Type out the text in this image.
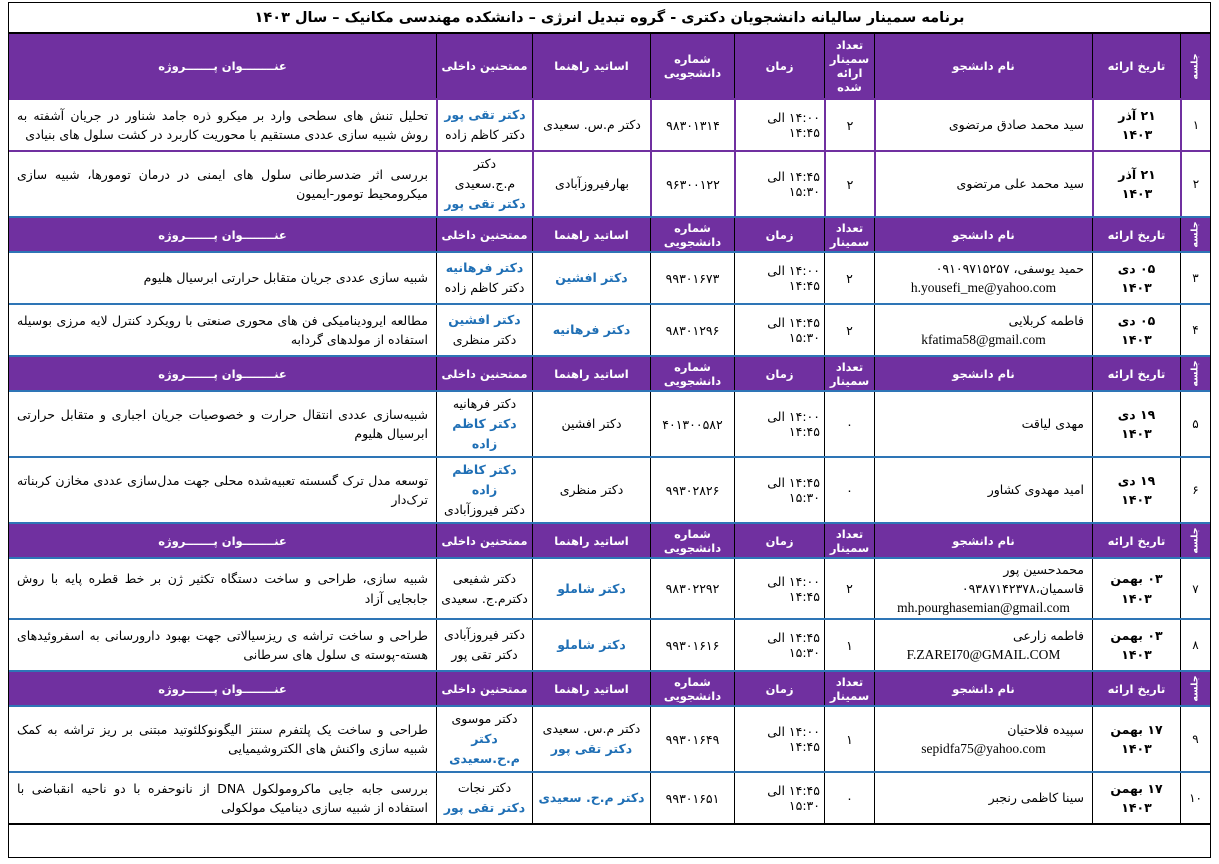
برنامه سمینار سالیانه دانشجویان دکتری - گروه تبدیل انرژی – دانشکده مهندسی مکانیک – سال ۱۴۰۳
جلسه
تاریخ ارائه
نام دانشجو
تعداد سمینار ارائه شده
زمان
شماره دانشجویی
اساتید راهنما
ممتحنین داخلی
عنــــــــوان پـــــــروژه
۱
۲۱ آذر
۱۴۰۳
سید محمد صادق مرتضوی
۲
۱۴:۰۰ الی ۱۴:۴۵
۹۸۳۰۱۳۱۴
دکتر م.س. سعیدی
دکتر تقی پور
دکتر کاظم زاده
تحلیل تنش های سطحی وارد بر میکرو ذره جامد شناور در جریان آشفته به روش شبیه سازی عددی مستقیم با محوریت کاربرد در کشت سلول های بنیادی
۲
۲۱ آذر
۱۴۰۳
سید محمد علی مرتضوی
۲
۱۴:۴۵ الی ۱۵:۳۰
۹۶۳۰۰۱۲۲
بهارفیروزآبادی
دکتر م.ج.سعیدی
دکتر تقی پور
بررسی اثر ضدسرطانی سلول های ایمنی در درمان تومورها، شبیه سازی میکرومحیط تومور-ایمیون
جلسه
تاریخ ارائه
نام دانشجو
تعداد سمینار
زمان
شماره دانشجویی
اساتید راهنما
ممتحنین داخلی
عنــــــــوان پـــــــروژه
۳
۰۵ دی
۱۴۰۳
حمید یوسفی، ۰۹۱۰۹۷۱۵۲۵۷
h.yousefi_me@yahoo.com
۲
۱۴:۰۰ الی ۱۴:۴۵
۹۹۳۰۱۶۷۳
دکتر افشین
دکتر فرهانیه
دکتر کاظم زاده
شبیه سازی عددی جریان متقابل حرارتی ابرسیال هلیوم
۴
۰۵ دی
۱۴۰۳
فاطمه کربلایی
kfatima58@gmail.com
۲
۱۴:۴۵ الی ۱۵:۳۰
۹۸۳۰۱۲۹۶
دکتر فرهانیه
دکتر افشین
دکتر منظری
مطالعه ایرودینامیکی فن های محوری صنعتی با رویکرد کنترل لایه مرزی بوسیله استفاده از مولدهای گردابه
جلسه
تاریخ ارائه
نام دانشجو
تعداد سمینار
زمان
شماره دانشجویی
اساتید راهنما
ممتحنین داخلی
عنــــــــوان پـــــــروژه
۵
۱۹ دی
۱۴۰۳
مهدی لیاقت
۰
۱۴:۰۰ الی ۱۴:۴۵
۴۰۱۳۰۰۵۸۲
دکتر افشین
دکتر فرهانیه
دکتر کاظم زاده
شبیه‌سازی عددی انتقال حرارت و خصوصیات جریان اجباری و متقابل حرارتی ابرسیال هلیوم
۶
۱۹ دی
۱۴۰۳
امید مهدوی کشاور
۰
۱۴:۴۵ الی ۱۵:۳۰
۹۹۳۰۲۸۲۶
دکتر منظری
دکتر کاظم زاده
دکتر فیروزآبادی
توسعه مدل ترک گسسته تعبیه‌شده محلی جهت مدل‌سازی عددی مخازن کربناته ترک‌دار
جلسه
تاریخ ارائه
نام دانشجو
تعداد سمینار
زمان
شماره دانشجویی
اساتید راهنما
ممتحنین داخلی
عنــــــــوان پـــــــروژه
۷
۰۳ بهمن
۱۴۰۳
محمدحسین پور قاسمیان،۰۹۳۸۷۱۴۲۳۷۸
mh.pourghasemian@gmail.com
۲
۱۴:۰۰ الی ۱۴:۴۵
۹۸۳۰۲۲۹۲
دکتر شاملو
دکتر شفیعی
دکترم.ج. سعیدی
شبیه سازی، طراحی و ساخت دستگاه تکثیر ژن بر خط قطره پایه با روش جابجایی آزاد
۸
۰۳ بهمن
۱۴۰۳
فاطمه زارعی
F.ZAREI70@GMAIL.COM
۱
۱۴:۴۵ الی ۱۵:۳۰
۹۹۳۰۱۶۱۶
دکتر شاملو
دکتر فیروزآبادی
دکتر تقی پور
طراحی و ساخت تراشه ی ریزسیالاتی جهت بهبود دارورسانی به اسفروئیدهای هسته-پوسته ی سلول های سرطانی
جلسه
تاریخ ارائه
نام دانشجو
تعداد سمینار
زمان
شماره دانشجویی
اساتید راهنما
ممتحنین داخلی
عنــــــــوان پـــــــروژه
۹
۱۷ بهمن
۱۴۰۳
سپیده فلاحتیان
sepidfa75@yahoo.com
۱
۱۴:۰۰ الی ۱۴:۴۵
۹۹۳۰۱۶۴۹
دکتر م.س. سعیدی
دکتر تقی پور
دکتر موسوی
دکتر م.ح.سعیدی
طراحی و ساخت یک پلتفرم سنتز الیگونوکلئوتید مبتنی بر ریز تراشه به کمک شبیه سازی واکنش های الکتروشیمیایی
۱۰
۱۷ بهمن
۱۴۰۳
سینا کاظمی رنجبر
۰
۱۴:۴۵ الی ۱۵:۳۰
۹۹۳۰۱۶۵۱
دکتر م.ح. سعیدی
دکتر نجات
دکتر تقی پور
بررسی جابه جایی ماکرومولکول DNA از نانوحفره با دو ناحیه انقباضی با استفاده از شبیه سازی دینامیک مولکولی
